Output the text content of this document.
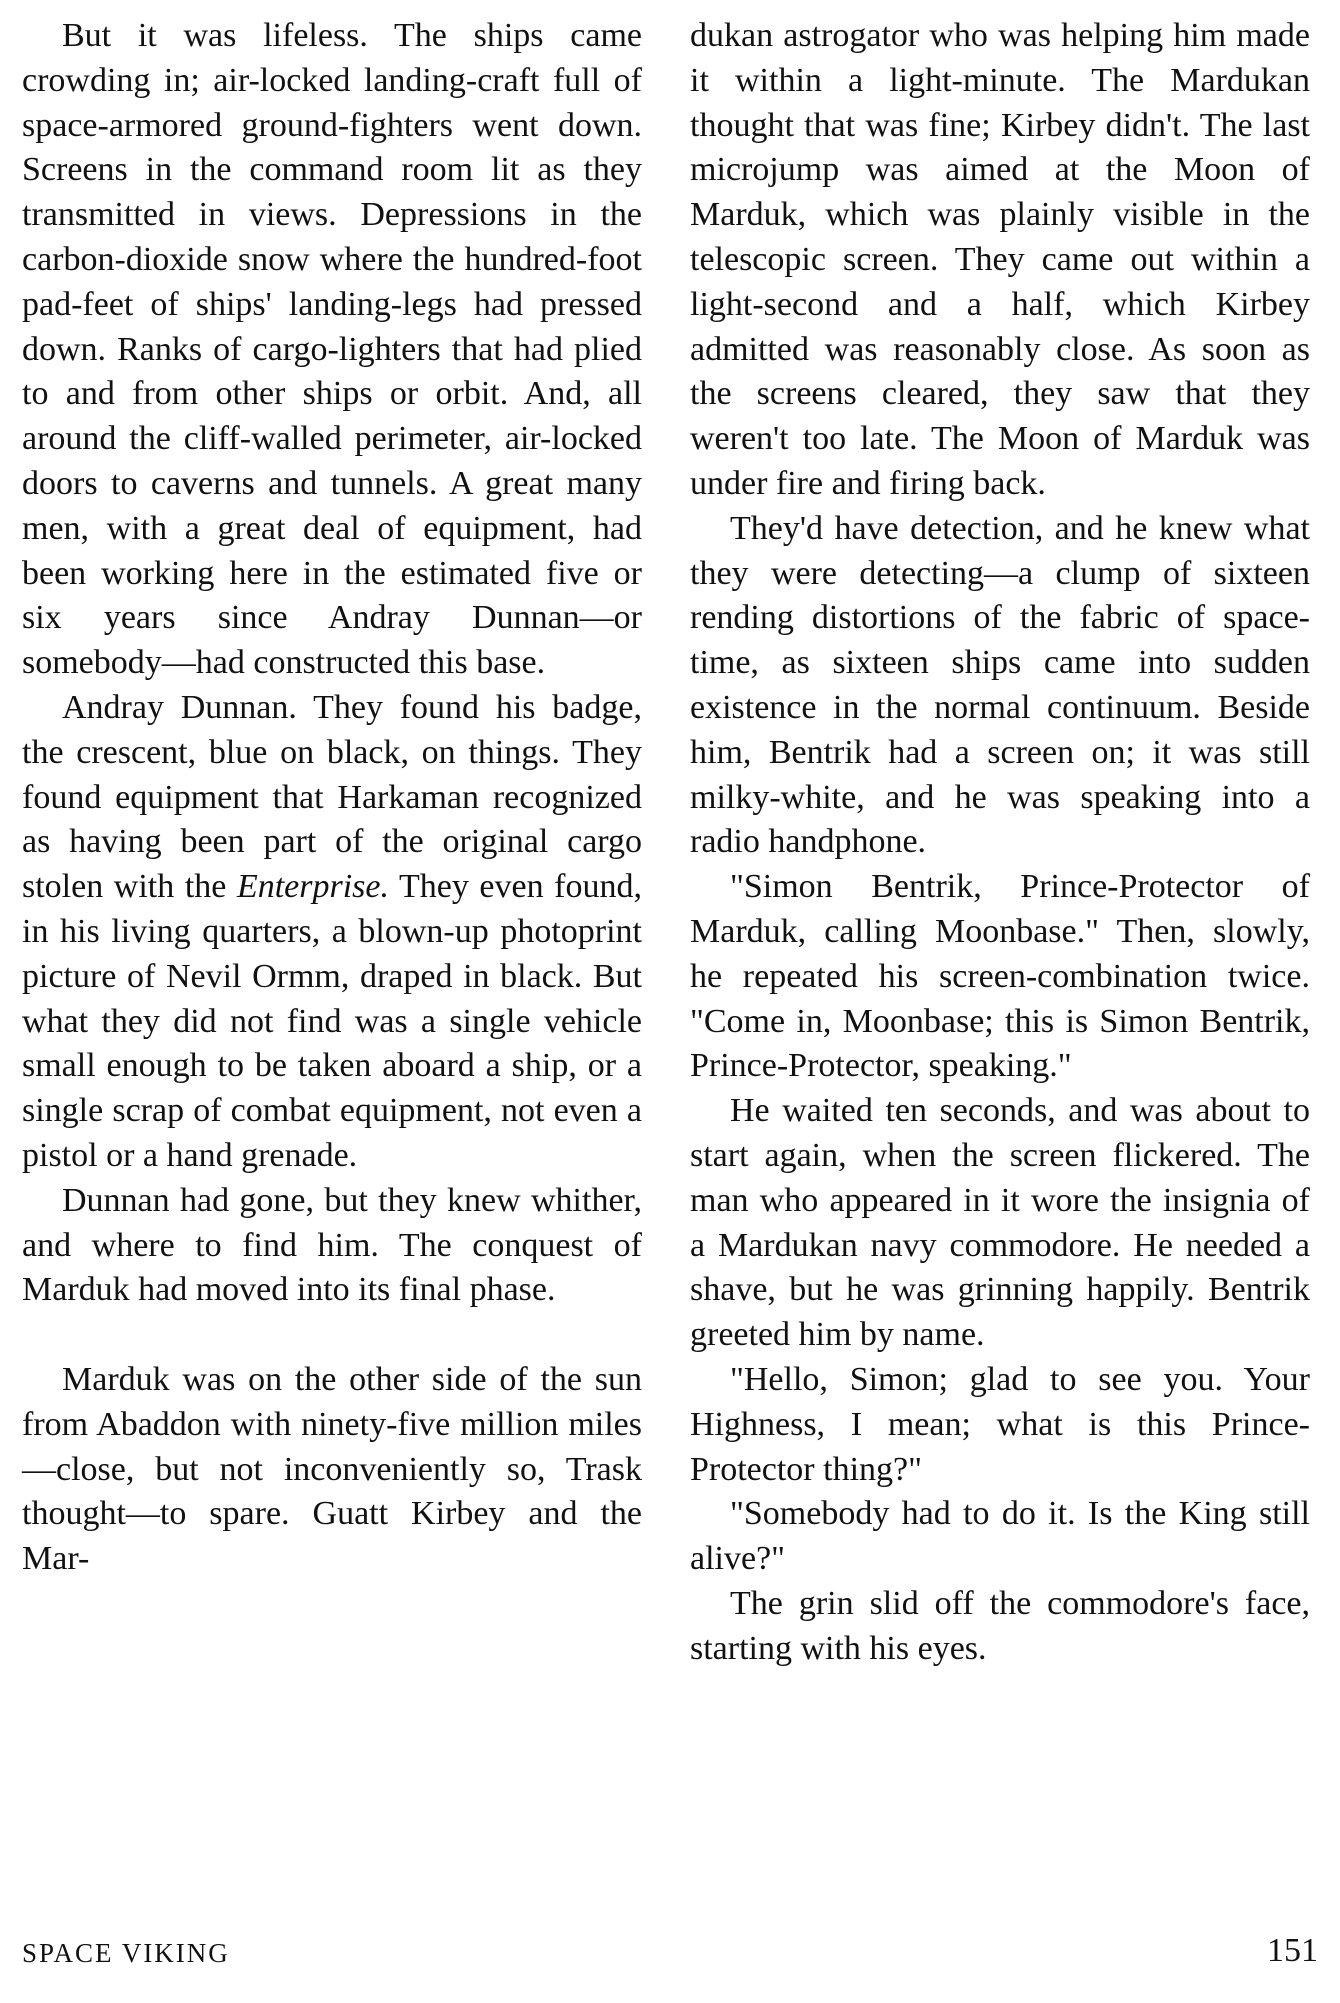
But it was lifeless. The ships came crowding in; air-locked landing-craft full of space-armored ground-fighters went down. Screens in the command room lit as they transmitted in views. Depressions in the carbon-dioxide snow where the hundred-foot pad-feet of ships' landing-legs had pressed down. Ranks of cargo-lighters that had plied to and from other ships or orbit. And, all around the cliff-walled perimeter, air-locked doors to caverns and tunnels. A great many men, with a great deal of equipment, had been working here in the estimated five or six years since Andray Dunnan—or somebody—had constructed this base.

Andray Dunnan. They found his badge, the crescent, blue on black, on things. They found equipment that Harkaman recognized as having been part of the original cargo stolen with the Enterprise. They even found, in his living quarters, a blown-up photoprint picture of Nevil Ormm, draped in black. But what they did not find was a single vehicle small enough to be taken aboard a ship, or a single scrap of combat equipment, not even a pistol or a hand grenade.

Dunnan had gone, but they knew whither, and where to find him. The conquest of Marduk had moved into its final phase.

Marduk was on the other side of the sun from Abaddon with ninety-five million miles—close, but not inconveniently so, Trask thought—to spare. Guatt Kirbey and the Mar-

dukan astrogator who was helping him made it within a light-minute. The Mardukan thought that was fine; Kirbey didn't. The last microjump was aimed at the Moon of Marduk, which was plainly visible in the telescopic screen. They came out within a light-second and a half, which Kirbey admitted was reasonably close. As soon as the screens cleared, they saw that they weren't too late. The Moon of Marduk was under fire and firing back.

They'd have detection, and he knew what they were detecting—a clump of sixteen rending distortions of the fabric of space-time, as sixteen ships came into sudden existence in the normal continuum. Beside him, Bentrik had a screen on; it was still milky-white, and he was speaking into a radio handphone.

"Simon Bentrik, Prince-Protector of Marduk, calling Moonbase." Then, slowly, he repeated his screen-combination twice. "Come in, Moonbase; this is Simon Bentrik, Prince-Protector, speaking."

He waited ten seconds, and was about to start again, when the screen flickered. The man who appeared in it wore the insignia of a Mardukan navy commodore. He needed a shave, but he was grinning happily. Bentrik greeted him by name.

"Hello, Simon; glad to see you. Your Highness, I mean; what is this Prince-Protector thing?"

"Somebody had to do it. Is the King still alive?"

The grin slid off the commodore's face, starting with his eyes.

SPACE VIKING	151
